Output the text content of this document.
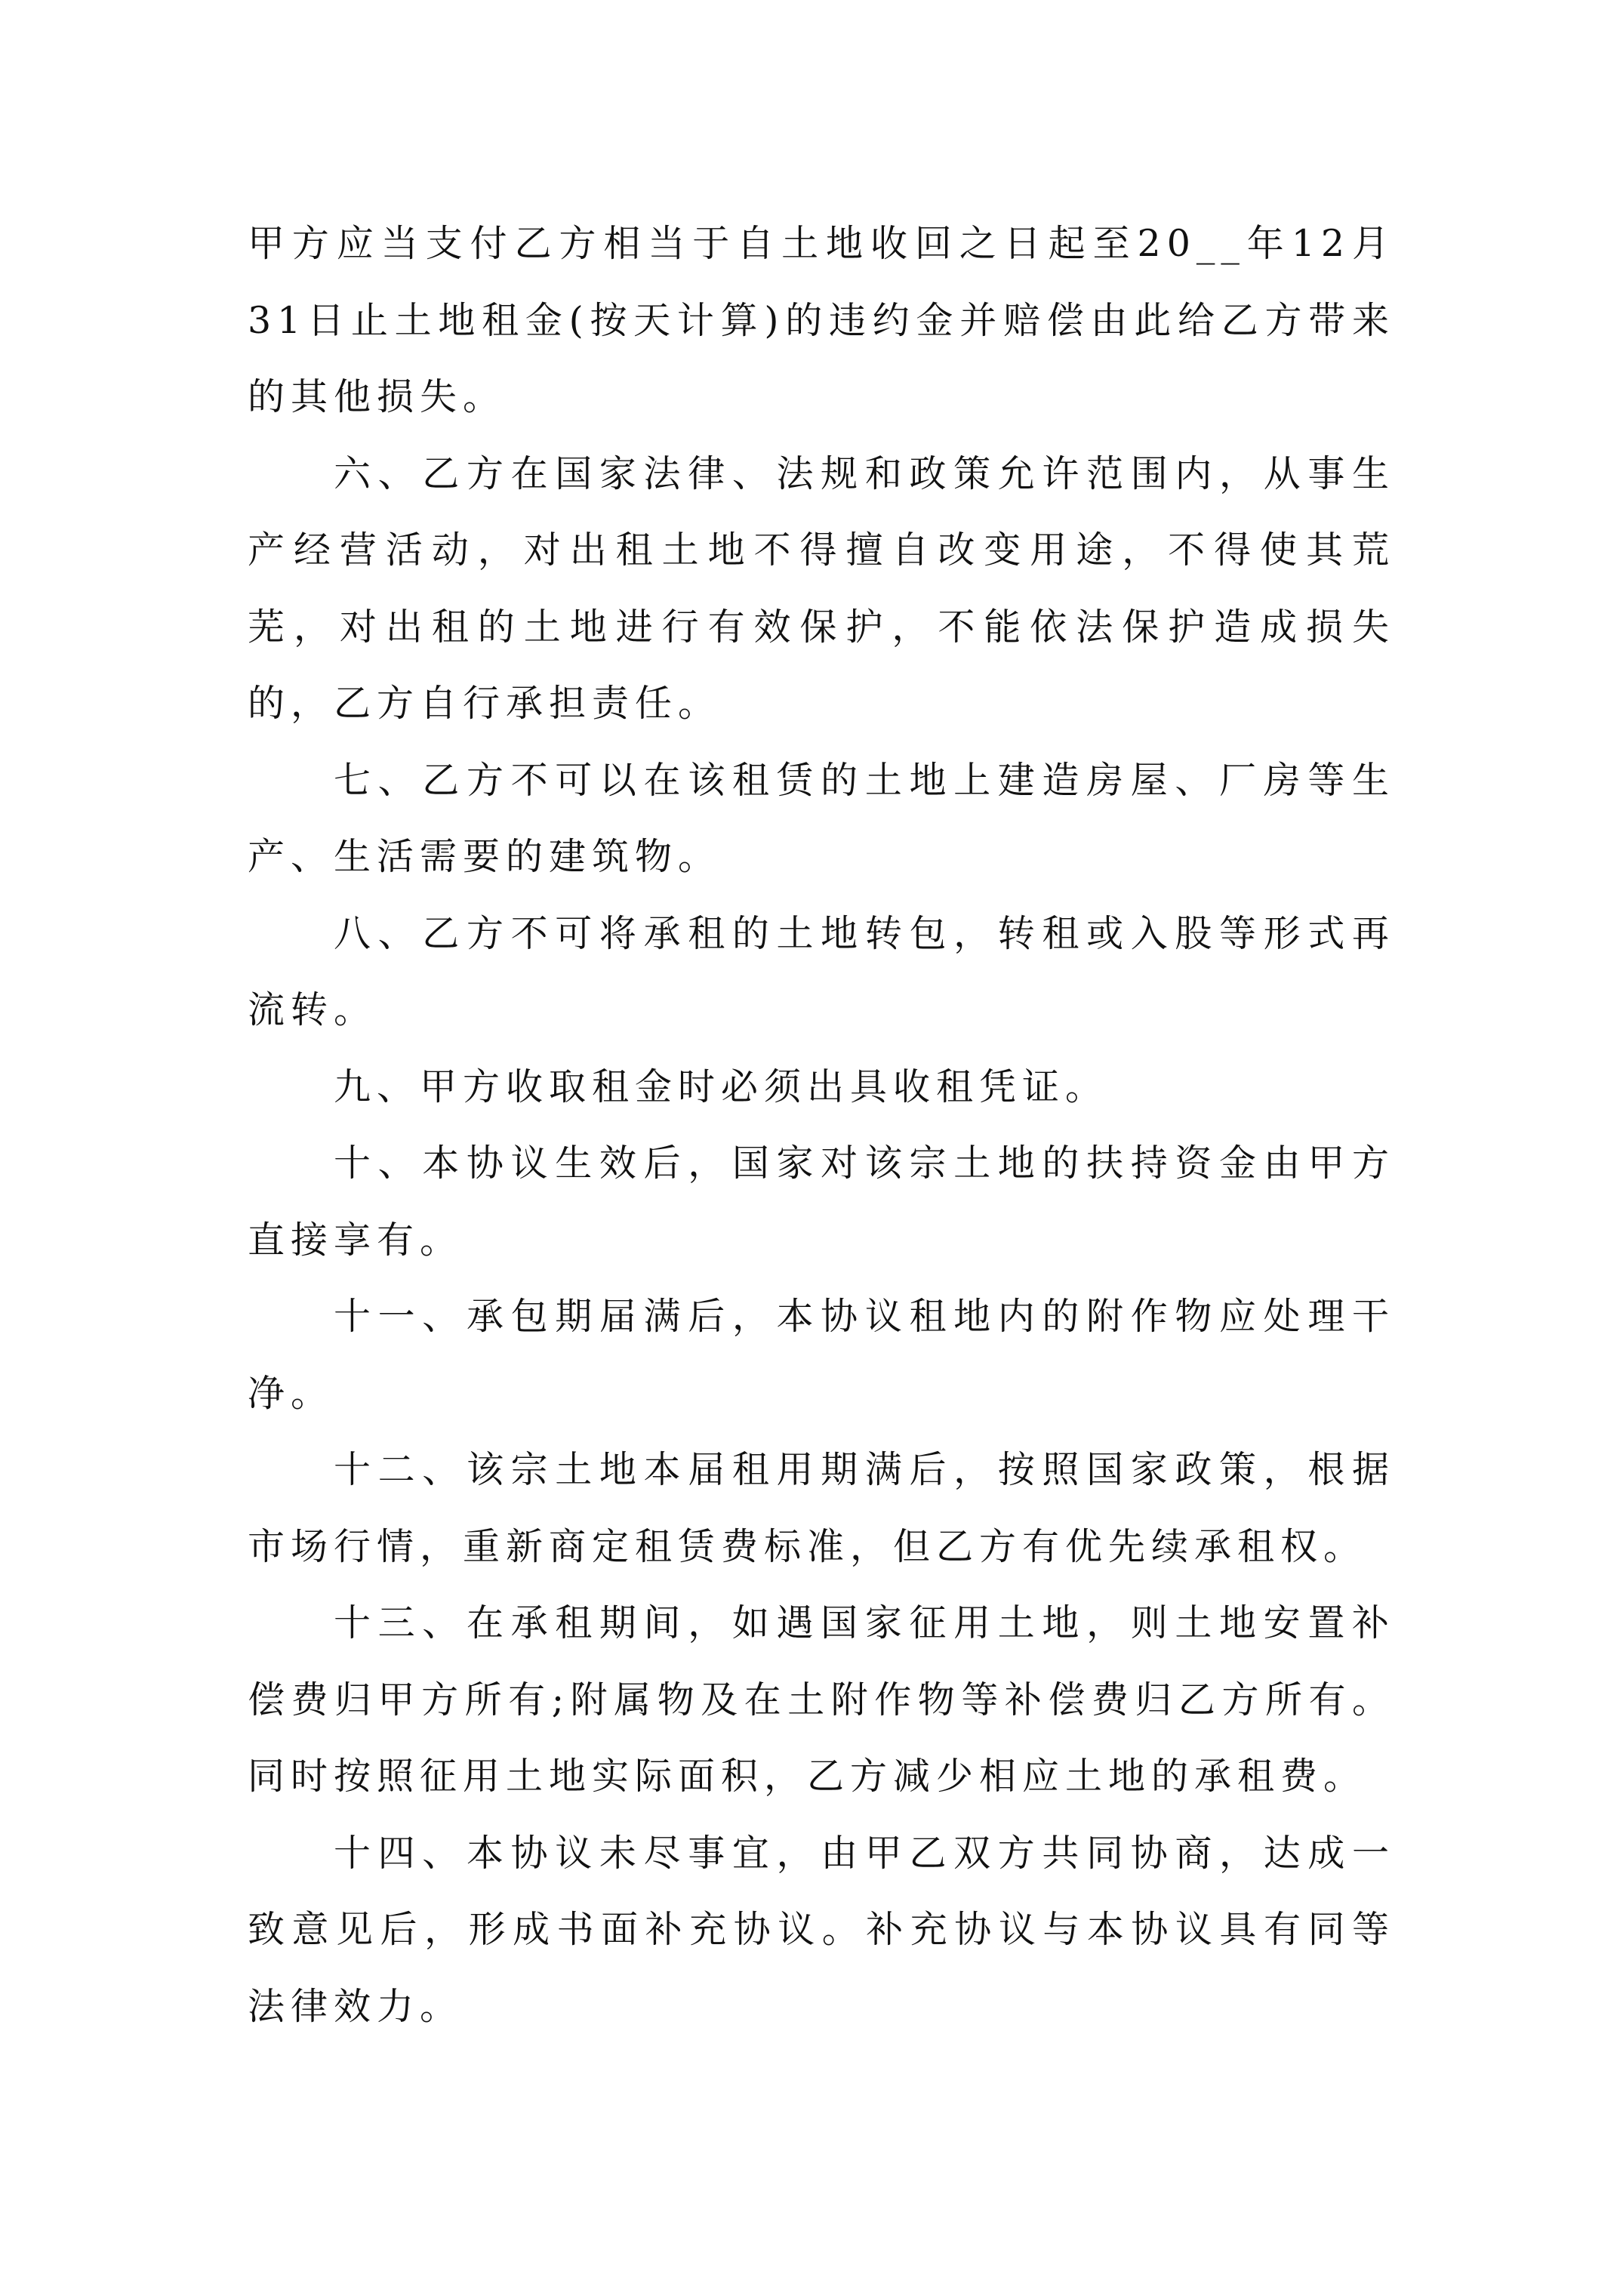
甲方应当支付乙方相当于自土地收回之日起至20__年12月31日止土地租金(按天计算)的违约金并赔偿由此给乙方带来的其他损失。

六、乙方在国家法律、法规和政策允许范围内，从事生产经营活动，对出租土地不得擅自改变用途，不得使其荒芜，对出租的土地进行有效保护，不能依法保护造成损失的，乙方自行承担责任。

七、乙方不可以在该租赁的土地上建造房屋、厂房等生产、生活需要的建筑物。

八、乙方不可将承租的土地转包，转租或入股等形式再流转。

九、甲方收取租金时必须出具收租凭证。

十、本协议生效后，国家对该宗土地的扶持资金由甲方直接享有。

十一、承包期届满后，本协议租地内的附作物应处理干净。

十二、该宗土地本届租用期满后，按照国家政策，根据市场行情，重新商定租赁费标准，但乙方有优先续承租权。

十三、在承租期间，如遇国家征用土地，则土地安置补偿费归甲方所有;附属物及在土附作物等补偿费归乙方所有。同时按照征用土地实际面积，乙方减少相应土地的承租费。

十四、本协议未尽事宜，由甲乙双方共同协商，达成一致意见后，形成书面补充协议。补充协议与本协议具有同等法律效力。
